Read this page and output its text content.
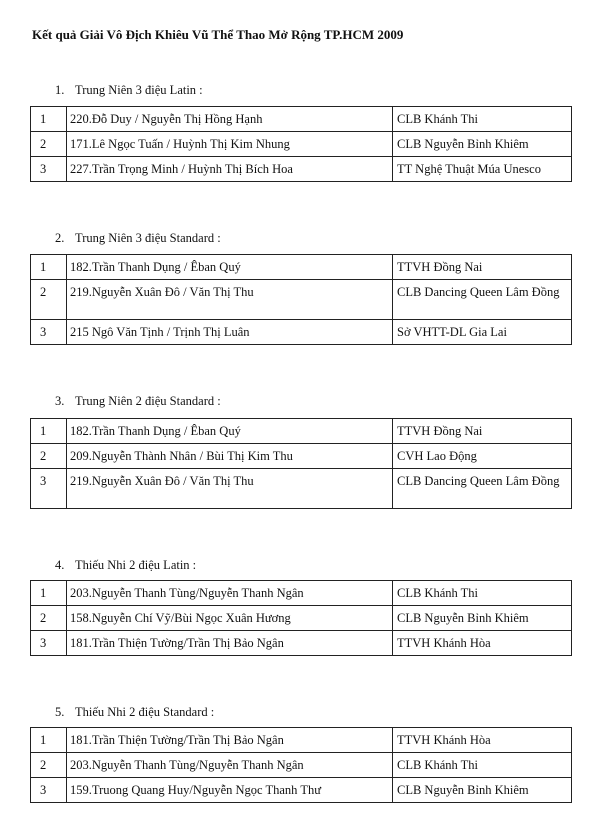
Kết quả Giải Vô Địch Khiêu Vũ Thể Thao Mở Rộng TP.HCM 2009
1. Trung Niên 3 điệu Latin :
1	220.Đỗ Duy / Nguyễn Thị Hồng Hạnh	CLB Khánh Thi
2	171.Lê Ngọc Tuấn / Huỳnh Thị Kim Nhung	CLB Nguyễn Bỉnh Khiêm
3	227.Trần Trọng Minh / Huỳnh Thị Bích Hoa	TT Nghệ Thuật Múa Unesco
2. Trung Niên 3 điệu Standard :
1	182.Trần Thanh Dụng / Êban Quý	TTVH Đồng Nai
2	219.Nguyễn Xuân Đô / Văn Thị Thu	CLB Dancing Queen Lâm Đồng
3	215 Ngô Văn Tịnh / Trịnh Thị Luân	Sở VHTT-DL Gia Lai
3. Trung Niên 2 điệu Standard :
1	182.Trần Thanh Dụng / Êban Quý	TTVH Đồng Nai
2	209.Nguyễn Thành Nhân / Bùi Thị Kim Thu	CVH Lao Động
3	219.Nguyễn Xuân Đô / Văn Thị Thu	CLB Dancing Queen Lâm Đồng
4. Thiếu Nhi 2 điệu Latin :
1	203.Nguyễn Thanh Tùng/Nguyễn Thanh Ngân	CLB Khánh Thi
2	158.Nguyễn Chí Vỹ/Bùi Ngọc Xuân Hương	CLB Nguyễn Bỉnh Khiêm
3	181.Trần Thiện Tường/Trần Thị Bảo Ngân	TTVH Khánh Hòa
5. Thiếu Nhi 2 điệu Standard :
1	181.Trần Thiện Tường/Trần Thị Bảo Ngân	TTVH Khánh Hòa
2	203.Nguyễn Thanh Tùng/Nguyễn Thanh Ngân	CLB Khánh Thi
3	159.Truong Quang Huy/Nguyễn Ngọc Thanh Thư	CLB Nguyễn Bỉnh Khiêm
